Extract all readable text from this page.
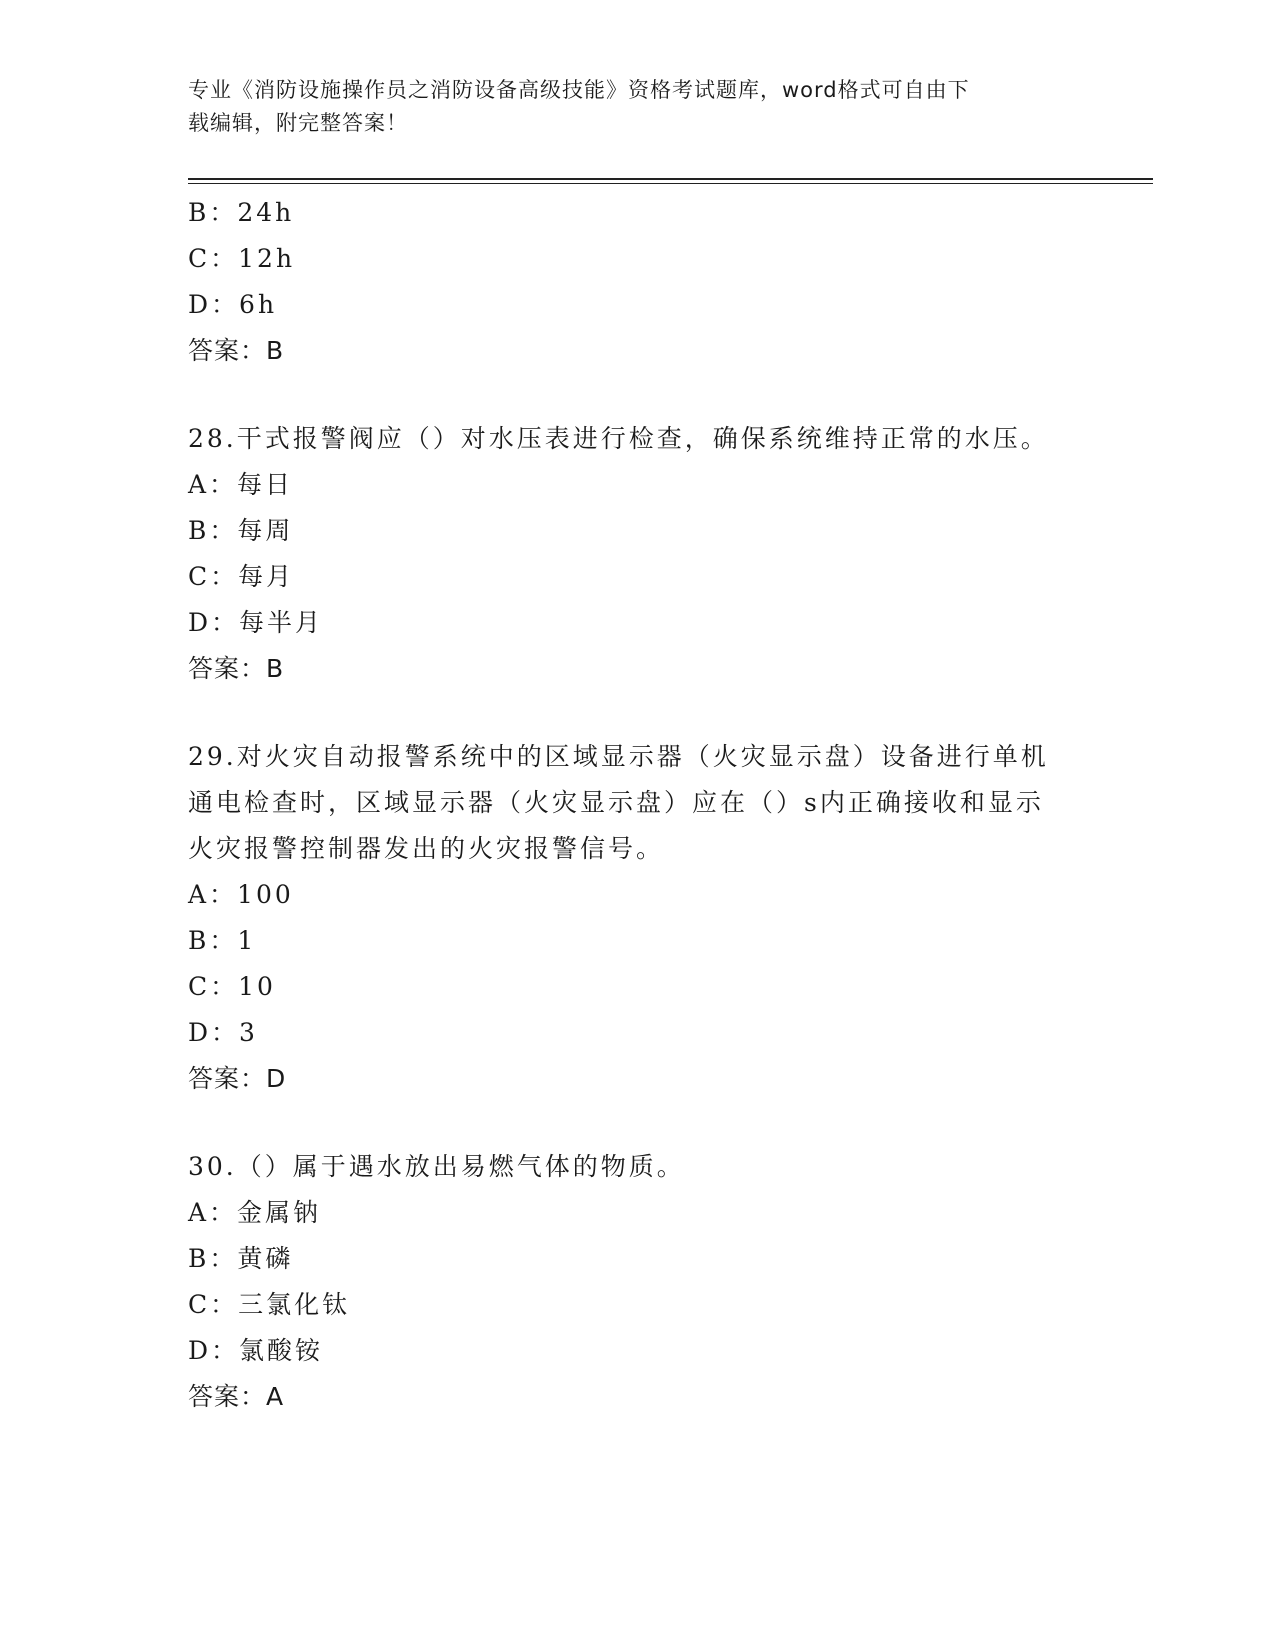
专业《消防设施操作员之消防设备高级技能》资格考试题库，word格式可自由下
载编辑，附完整答案！
B：24h
C：12h
D：6h
答案：B
28.干式报警阀应（）对水压表进行检查，确保系统维持正常的水压。
A：每日
B：每周
C：每月
D：每半月
答案：B
29.对火灾自动报警系统中的区域显示器（火灾显示盘）设备进行单机
通电检查时，区域显示器（火灾显示盘）应在（）s内正确接收和显示
火灾报警控制器发出的火灾报警信号。
A：100
B：1
C：10
D：3
答案：D
30.（）属于遇水放出易燃气体的物质。
A：金属钠
B：黄磷
C：三氯化钛
D：氯酸铵
答案：A
